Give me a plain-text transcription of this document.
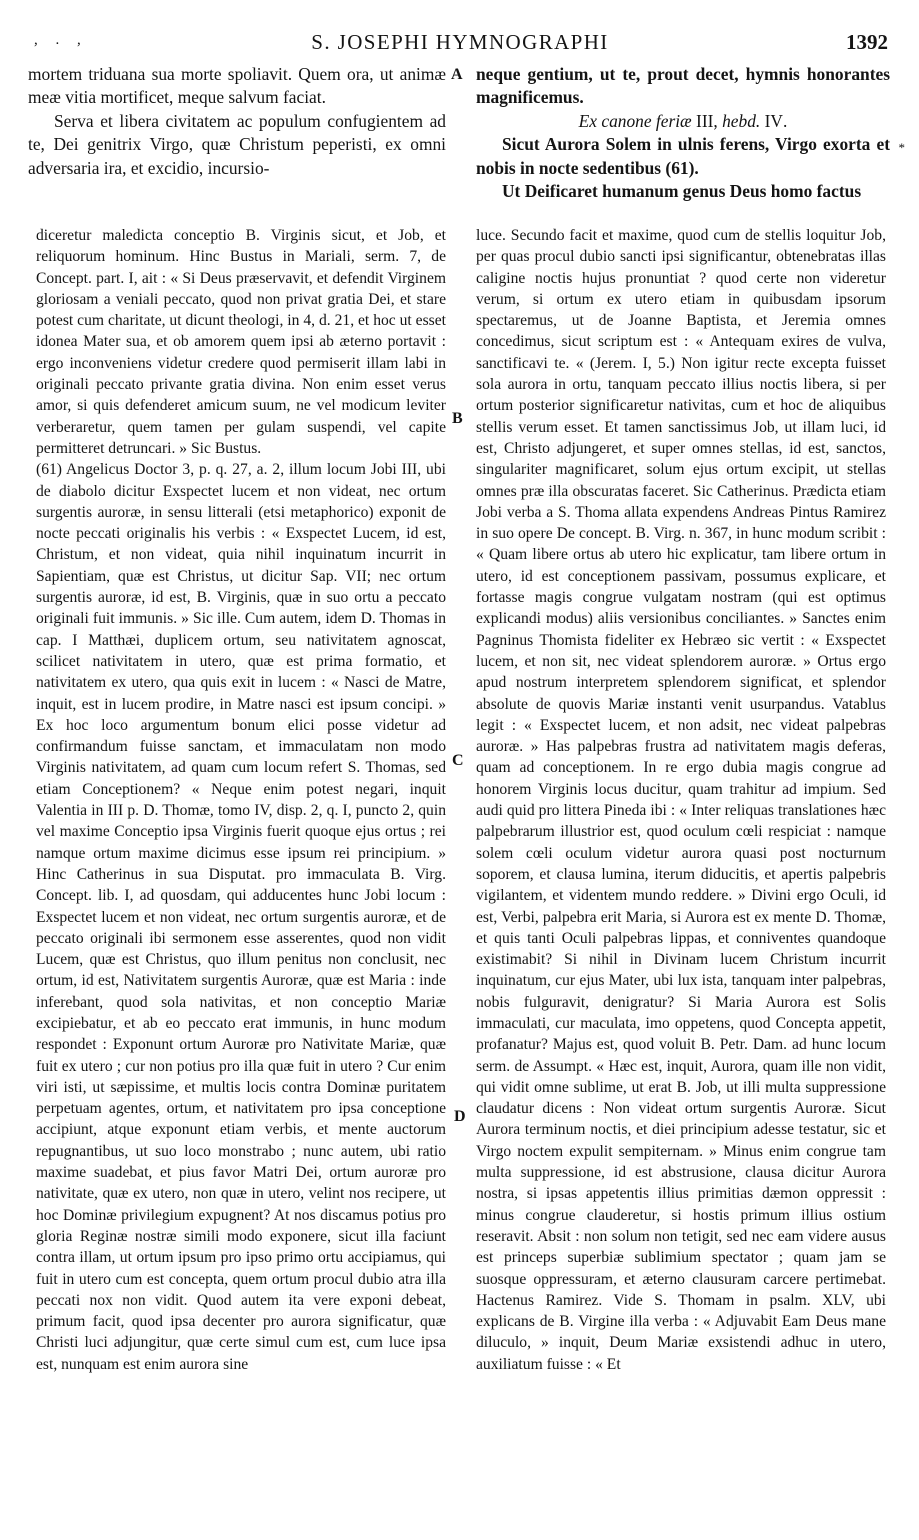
, . ,	S. JOSEPHI HYMNOGRAPHI	1392
A
B
C
D
*

mortem triduana sua morte spoliavit. Quem ora, ut animæ meæ vitia mortificet, meque salvum faciat.

Serva et libera civitatem ac populum confugientem ad te, Dei genitrix Virgo, quæ Christum peperisti, ex omni adversaria ira, et excidio, incursio-

neque gentium, ut te, prout decet, hymnis honorantes magnificemus.

Ex canone feriæ III, hebd. IV.

Sicut Aurora Solem in ulnis ferens, Virgo exorta et nobis in nocte sedentibus (61).

Ut Deificaret humanum genus Deus homo factus

diceretur maledicta conceptio B. Virginis sicut, et Job, et reliquorum hominum. Hinc Bustus in Mariali, serm. 7, de Concept. part. I, ait : « Si Deus præservavit, et defendit Virginem gloriosam a veniali peccato, quod non privat gratia Dei, et stare potest cum charitate, ut dicunt theologi, in 4, d. 21, et hoc ut esset idonea Mater sua, et ob amorem quem ipsi ab æterno portavit : ergo inconveniens videtur credere quod permiserit illam labi in originali peccato privante gratia divina. Non enim esset verus amor, si quis defenderet amicum suum, ne vel modicum leviter verberaretur, quem tamen per gulam suspendi, vel capite permitteret detruncari. » Sic Bustus.

(61) Angelicus Doctor 3, p. q. 27, a. 2, illum locum Jobi III, ubi de diabolo dicitur Exspectet lucem et non videat, nec ortum surgentis auroræ, in sensu litterali (etsi metaphorico) exponit de nocte peccati originalis his verbis : « Exspectet Lucem, id est, Christum, et non videat, quia nihil inquinatum incurrit in Sapientiam, quæ est Christus, ut dicitur Sap. VII; nec ortum surgentis auroræ, id est, B. Virginis, quæ in suo ortu a peccato originali fuit immunis. » Sic ille. Cum autem, idem D. Thomas in cap. I Matthæi, duplicem ortum, seu nativitatem agnoscat, scilicet nativitatem in utero, quæ est prima formatio, et nativitatem ex utero, qua quis exit in lucem : « Nasci de Matre, inquit, est in lucem prodire, in Matre nasci est ipsum concipi. » Ex hoc loco argumentum bonum elici posse videtur ad confirmandum fuisse sanctam, et immaculatam non modo Virginis nativitatem, ad quam cum locum refert S. Thomas, sed etiam Conceptionem? « Neque enim potest negari, inquit Valentia in III p. D. Thomæ, tomo IV, disp. 2, q. I, puncto 2, quin vel maxime Conceptio ipsa Virginis fuerit quoque ejus ortus ; rei namque ortum maxime dicimus esse ipsum rei principium. » Hinc Catherinus in sua Disputat. pro immaculata B. Virg. Concept. lib. I, ad quosdam, qui adducentes hunc Jobi locum : Exspectet lucem et non videat, nec ortum surgentis auroræ, et de peccato originali ibi sermonem esse asserentes, quod non vidit Lucem, quæ est Christus, quo illum penitus non conclusit, nec ortum, id est, Nativitatem surgentis Auroræ, quæ est Maria : inde inferebant, quod sola nativitas, et non conceptio Mariæ excipiebatur, et ab eo peccato erat immunis, in hunc modum respondet : Exponunt ortum Auroræ pro Nativitate Mariæ, quæ fuit ex utero ; cur non potius pro illa quæ fuit in utero ? Cur enim viri isti, ut sæpissime, et multis locis contra Dominæ puritatem perpetuam agentes, ortum, et nativitatem pro ipsa conceptione accipiunt, atque exponunt etiam verbis, et mente auctorum repugnantibus, ut suo loco monstrabo ; nunc autem, ubi ratio maxime suadebat, et pius favor Matri Dei, ortum auroræ pro nativitate, quæ ex utero, non quæ in utero, velint nos recipere, ut hoc Dominæ privilegium expugnent? At nos discamus potius pro gloria Reginæ nostræ simili modo exponere, sicut illa faciunt contra illam, ut ortum ipsum pro ipso primo ortu accipiamus, qui fuit in utero cum est concepta, quem ortum procul dubio atra illa peccati nox non vidit. Quod autem ita vere exponi debeat, primum facit, quod ipsa decenter pro aurora significatur, quæ Christi luci adjungitur, quæ certe simul cum est, cum luce ipsa est, nunquam est enim aurora sine

luce. Secundo facit et maxime, quod cum de stellis loquitur Job, per quas procul dubio sancti ipsi significantur, obtenebratas illas caligine noctis hujus pronuntiat ? quod certe non videretur verum, si ortum ex utero etiam in quibusdam ipsorum spectaremus, ut de Joanne Baptista, et Jeremia omnes concedimus, sicut scriptum est : « Antequam exires de vulva, sanctificavi te. « (Jerem. I, 5.) Non igitur recte excepta fuisset sola aurora in ortu, tanquam peccato illius noctis libera, si per ortum posterior significaretur nativitas, cum et hoc de aliquibus stellis verum esset. Et tamen sanctissimus Job, ut illam luci, id est, Christo adjungeret, et super omnes stellas, id est, sanctos, singulariter magnificaret, solum ejus ortum excipit, ut stellas omnes præ illa obscuratas faceret. Sic Catherinus. Prædicta etiam Jobi verba a S. Thoma allata expendens Andreas Pintus Ramirez in suo opere De concept. B. Virg. n. 367, in hunc modum scribit : « Quam libere ortus ab utero hic explicatur, tam libere ortum in utero, id est conceptionem passivam, possumus explicare, et fortasse magis congrue vulgatam nostram (qui est optimus explicandi modus) aliis versionibus conciliantes. » Sanctes enim Pagninus Thomista fideliter ex Hebræo sic vertit : « Exspectet lucem, et non sit, nec videat splendorem auroræ. » Ortus ergo apud nostrum interpretem splendorem significat, et splendor absolute de quovis Mariæ instanti venit usurpandus. Vatablus legit : « Exspectet lucem, et non adsit, nec videat palpebras auroræ. » Has palpebras frustra ad nativitatem magis deferas, quam ad conceptionem. In re ergo dubia magis congrue ad honorem Virginis locus ducitur, quam trahitur ad impium. Sed audi quid pro littera Pineda ibi : « Inter reliquas translationes hæc palpebrarum illustrior est, quod oculum cœli respiciat : namque solem cœli oculum videtur aurora quasi post nocturnum soporem, et clausa lumina, iterum diducitis, et apertis palpebris vigilantem, et videntem mundo reddere. » Divini ergo Oculi, id est, Verbi, palpebra erit Maria, si Aurora est ex mente D. Thomæ, et quis tanti Oculi palpebras lippas, et conniventes quandoque existimabit? Si nihil in Divinam lucem Christum incurrit inquinatum, cur ejus Mater, ubi lux ista, tanquam inter palpebras, nobis fulguravit, denigratur? Si Maria Aurora est Solis immaculati, cur maculata, imo oppetens, quod Concepta appetit, profanatur? Majus est, quod voluit B. Petr. Dam. ad hunc locum serm. de Assumpt. « Hæc est, inquit, Aurora, quam ille non vidit, qui vidit omne sublime, ut erat B. Job, ut illi multa suppressione claudatur dicens : Non videat ortum surgentis Auroræ. Sicut Aurora terminum noctis, et diei principium adesse testatur, sic et Virgo noctem expulit sempiternam. » Minus enim congrue tam multa suppressione, id est abstrusione, clausa dicitur Aurora nostra, si ipsas appetentis illius primitias dæmon oppressit : minus congrue clauderetur, si hostis primum illius ostium reseravit. Absit : non solum non tetigit, sed nec eam videre ausus est princeps superbiæ sublimium spectator ; quam jam se suosque oppressuram, et æterno clausuram carcere pertimebat. Hactenus Ramirez. Vide S. Thomam in psalm. XLV, ubi explicans de B. Virgine illa verba : « Adjuvabit Eam Deus mane diluculo, » inquit, Deum Mariæ exsistendi adhuc in utero, auxiliatum fuisse : « Et
